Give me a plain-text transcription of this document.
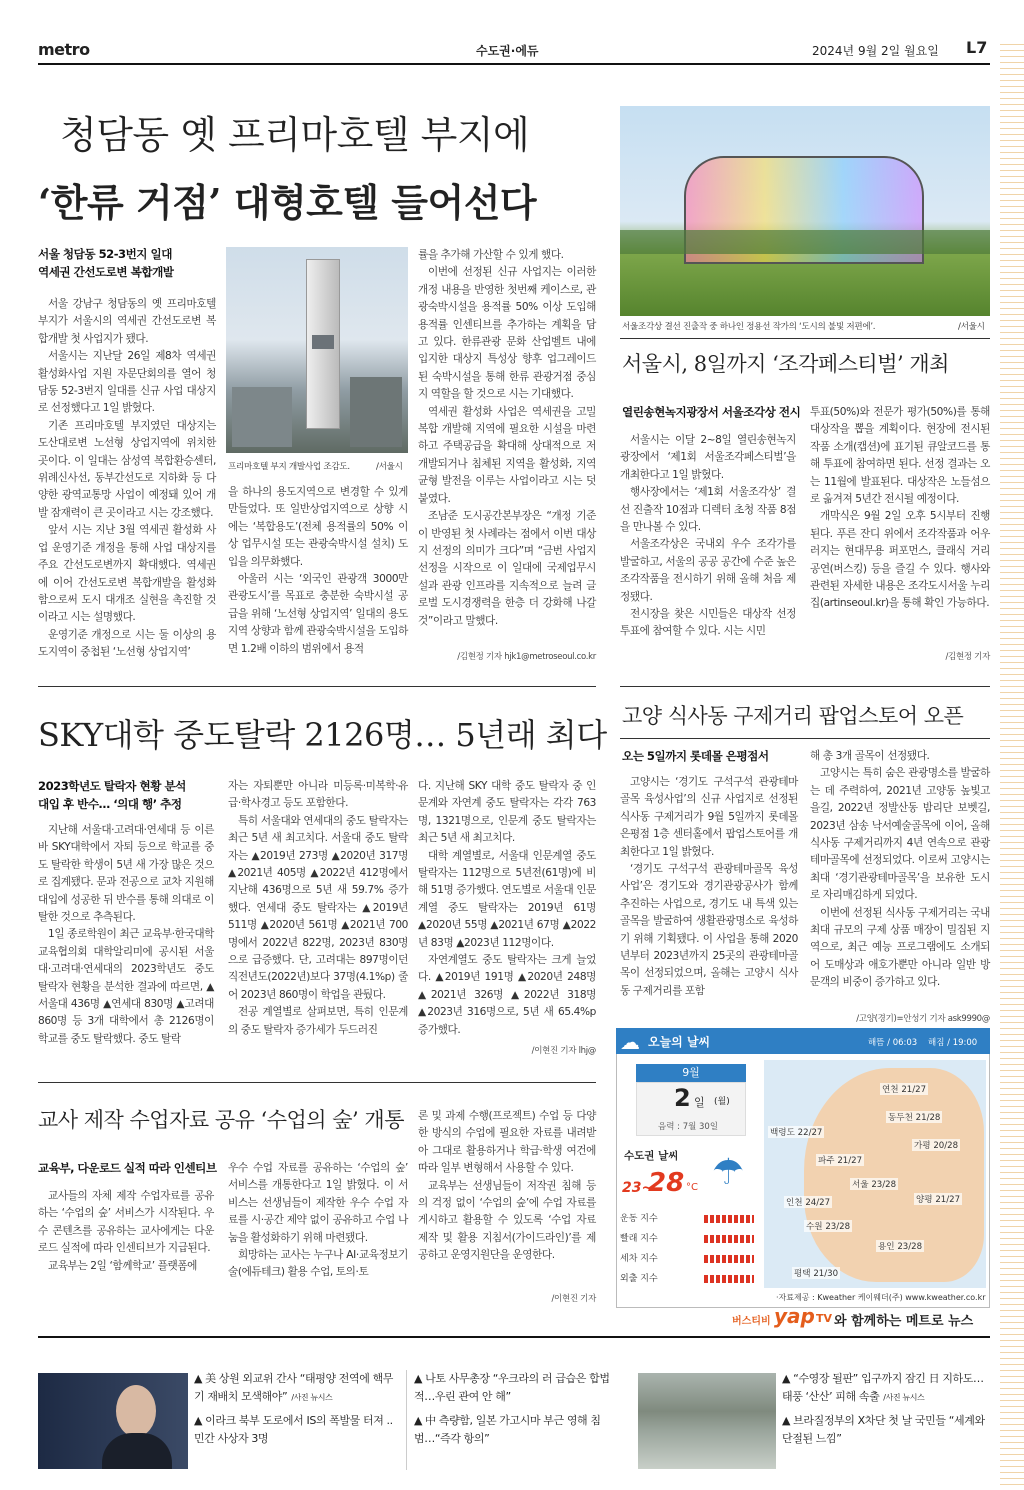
metro	수도권·에듀	2024년 9월 2일 월요일 L7
청담동 옛 프리마호텔 부지에
‘한류 거점’ 대형호텔 들어선다
서울 청담동 52-3번지 일대
역세권 간선도로변 복합개발

서울 강남구 청담동의 옛 프리마호텔 부지가 서울시의 역세권 간선도로변 복합개발 첫 사업지가 됐다.

서울시는 지난달 26일 제8차 역세권 활성화사업 지원 자문단회의를 열어 청담동 52-3번지 일대를 신규 사업 대상지로 선정했다고 1일 밝혔다.

기존 프리마호텔 부지였던 대상지는 도산대로변 노선형 상업지역에 위치한 곳이다. 이 일대는 삼성역 복합환승센터, 위례신사선, 동부간선도로 지하화 등 다양한 광역교통망 사업이 예정돼 있어 개발 잠재력이 큰 곳이라고 시는 강조했다.

앞서 시는 지난 3월 역세권 활성화 사업 운영기준 개정을 통해 사업 대상지를 주요 간선도로변까지 확대했다. 역세권에 이어 간선도로변 복합개발을 활성화함으로써 도시 대개조 실현을 촉진할 것이라고 시는 설명했다.

운영기준 개정으로 시는 둘 이상의 용도지역이 중첩된 ‘노선형 상업지역’

프리마호텔 부지 개발사업 조감도.	/서울시

을 하나의 용도지역으로 변경할 수 있게 만들었다. 또 일반상업지역으로 상향 시에는 ‘복합용도’(전체 용적률의 50% 이상 업무시설 또는 관광숙박시설 설치) 도입을 의무화했다.

아울러 시는 ‘외국인 관광객 3000만 관광도시’를 목표로 충분한 숙박시설 공급을 위해 ‘노선형 상업지역’ 일대의 용도지역 상향과 함께 관광숙박시설을 도입하면 1.2배 이하의 범위에서 용적

률을 추가해 가산할 수 있게 했다.

이번에 선정된 신규 사업지는 이러한 개정 내용을 반영한 첫번째 케이스로, 관광숙박시설을 용적률 50% 이상 도입해 용적률 인센티브를 추가하는 계획을 담고 있다. 한류관광 문화 산업벨트 내에 입지한 대상지 특성상 향후 업그레이드된 숙박시설을 통해 한류 관광거점 중심지 역할을 할 것으로 시는 기대했다.

역세권 활성화 사업은 역세권을 고밀 복합 개발해 지역에 필요한 시설을 마련하고 주택공급을 확대해 상대적으로 저개발되거나 침체된 지역을 활성화, 지역 균형 발전을 이루는 사업이라고 시는 덧붙였다.

조남준 도시공간본부장은 “개정 기준이 반영된 첫 사례라는 점에서 이번 대상지 선정의 의미가 크다”며 “금번 사업지 선정을 시작으로 이 일대에 국제업무시설과 관광 인프라를 지속적으로 늘려 글로벌 도시경쟁력을 한층 더 강화해 나갈 것”이라고 말했다.

/김현정 기자 hjk1@metroseoul.co.kr
서울조각상 결선 진출작 중 하나인 정용선 작가의 ‘도시의 불빛 저편에’.	/서울시
서울시, 8일까지 ‘조각페스티벌’ 개최
열린송현녹지광장서 서울조각상 전시

서울시는 이달 2~8일 열린송현녹지광장에서 ‘제1회 서울조각페스티벌’을 개최한다고 1일 밝혔다.

행사장에서는 ‘제1회 서울조각상’ 결선 진출작 10점과 디렉터 초청 작품 8점을 만나볼 수 있다.

서울조각상은 국내외 우수 조각가를 발굴하고, 서울의 공공 공간에 수준 높은 조각작품을 전시하기 위해 올해 처음 제정됐다.

전시장을 찾은 시민들은 대상작 선정 투표에 참여할 수 있다. 시는 시민

투표(50%)와 전문가 평가(50%)를 통해 대상작을 뽑을 계획이다. 현장에 전시된 작품 소개(캡션)에 표기된 큐알코드를 통해 투표에 참여하면 된다. 선정 결과는 오는 11월에 발표된다. 대상작은 노들섬으로 옮겨져 5년간 전시될 예정이다.

개막식은 9월 2일 오후 5시부터 진행된다. 푸른 잔디 위에서 조각작품과 어우러지는 현대무용 퍼포먼스, 클래식 거리공연(버스킹) 등을 즐길 수 있다. 행사와 관련된 자세한 내용은 조각도시서울 누리집(artinseoul.kr)을 통해 확인 가능하다.

/김현정 기자
SKY대학 중도탈락 2126명… 5년래 최다
2023학년도 탈락자 현황 분석
대입 후 반수… ‘의대 행’ 추정

지난해 서울대·고려대·연세대 등 이른바 SKY대학에서 자퇴 등으로 학교를 중도 탈락한 학생이 5년 새 가장 많은 것으로 집계됐다. 문과 전공으로 교차 지원해 대입에 성공한 뒤 반수를 통해 의대로 이탈한 것으로 추측된다.

1일 종로학원이 최근 교육부·한국대학교육협의회 대학알리미에 공시된 서울대·고려대·연세대의 2023학년도 중도 탈락자 현황을 분석한 결과에 따르면, ▲서울대 436명 ▲연세대 830명 ▲고려대 860명 등 3개 대학에서 총 2126명이 학교를 중도 탈락했다. 중도 탈락

자는 자퇴뿐만 아니라 미등록·미복학·유급·학사경고 등도 포함한다.

특히 서울대와 연세대의 중도 탈락자는 최근 5년 새 최고치다. 서울대 중도 탈락자는 ▲2019년 273명 ▲2020년 317명 ▲2021년 405명 ▲2022년 412명에서 지난해 436명으로 5년 새 59.7% 증가했다. 연세대 중도 탈락자는 ▲2019년 511명 ▲2020년 561명 ▲2021년 700명에서 2022년 822명, 2023년 830명으로 급증했다. 단, 고려대는 897명이던 직전년도(2022년)보다 37명(4.1%p) 줄어 2023년 860명이 학업을 관뒀다.

전공 계열별로 살펴보면, 특히 인문계의 중도 탈락자 증가세가 두드러진

다. 지난해 SKY 대학 중도 탈락자 중 인문계와 자연계 중도 탈락자는 각각 763명, 1321명으로, 인문계 중도 탈락자는 최근 5년 새 최고치다.

대학 계열별로, 서울대 인문계열 중도 탈락자는 112명으로 5년전(61명)에 비해 51명 증가했다. 연도별로 서울대 인문계열 중도 탈락자는 2019년 61명 ▲2020년 55명 ▲2021년 67명 ▲2022년 83명 ▲2023년 112명이다.

자연계열도 중도 탈락자는 크게 늘었다. ▲2019년 191명 ▲2020년 248명 ▲2021년 326명 ▲2022년 318명 ▲2023년 316명으로, 5년 새 65.4%p 증가했다.

/이현진 기자 lhj@
고양 식사동 구제거리 팝업스토어 오픈
오는 5일까지 롯데몰 은평점서

고양시는 ‘경기도 구석구석 관광테마골목 육성사업’의 신규 사업지로 선정된 식사동 구제거리가 9월 5일까지 롯데몰 은평점 1층 센터홀에서 팝업스토어를 개최한다고 1일 밝혔다.

‘경기도 구석구석 관광테마골목 육성사업’은 경기도와 경기관광공사가 함께 추진하는 사업으로, 경기도 내 특색 있는 골목을 발굴하여 생활관광명소로 육성하기 위해 기획됐다. 이 사업을 통해 2020년부터 2023년까지 25곳의 관광테마골목이 선정되었으며, 올해는 고양시 식사동 구제거리를 포함

해 총 3개 골목이 선정됐다.

고양시는 특히 숨은 관광명소를 발굴하는 데 주력하여, 2021년 고양동 높빛고을길, 2022년 정발산동 밤리단 보벳길, 2023년 삼송 낙서예술골목에 이어, 올해 식사동 구제거리까지 4년 연속으로 관광테마골목에 선정되었다. 이로써 고양시는 최대 ‘경기관광테마골목’을 보유한 도시로 자리매김하게 되었다.

이번에 선정된 식사동 구제거리는 국내 최대 규모의 구제 상품 매장이 밀집된 지역으로, 최근 예능 프로그램에도 소개되어 도매상과 애호가뿐만 아니라 일반 방문객의 비중이 증가하고 있다.

/고양(경기)=안성기 기자 ask9990@
교사 제작 수업자료 공유 ‘수업의 숲’ 개통
교육부, 다운로드 실적 따라 인센티브

교사들의 자체 제작 수업자료를 공유하는 ‘수업의 숲’ 서비스가 시작된다. 우수 콘텐츠를 공유하는 교사에게는 다운로드 실적에 따라 인센티브가 지급된다.

교육부는 2일 ‘함께학교’ 플랫폼에

우수 수업 자료를 공유하는 ‘수업의 숲’ 서비스를 개통한다고 1일 밝혔다. 이 서비스는 선생님들이 제작한 우수 수업 자료를 시·공간 제약 없이 공유하고 수업 나눔을 활성화하기 위해 마련됐다.

희망하는 교사는 누구나 AI·교육정보기술(에듀테크) 활용 수업, 토의·토

론 및 과제 수행(프로젝트) 수업 등 다양한 방식의 수업에 필요한 자료를 내려받아 그대로 활용하거나 학급·학생 여건에 따라 일부 변형해서 사용할 수 있다.

교육부는 선생님들이 저작권 침해 등의 걱정 없이 ‘수업의 숲’에 수업 자료를 게시하고 활용할 수 있도록 ‘수업 자료 제작 및 활용 지침서(가이드라인)’를 제공하고 운영지원단을 운영한다.

/이현진 기자
☁ 오늘의 날씨	해뜸 / 06:03 해짐 / 19:00
9월
2 일 (월)
음력 : 7월 30일
수도권 날씨
23~
28 °C ☂
운동 지수
빨래 지수
세차 지수
외출 지수
연천 21/27
동두천 21/28
백령도 22/27
파주 21/27
가평 20/28
서울 23/28
인천 24/27	양평 21/27
수원 23/28
용인 23/28
평택 21/30
·자료제공 : Kweather 케이웨더(주) www.kweather.co.kr
버스티비 yap TV 와 함께하는 메트로 뉴스
▲ 美 상원 외교위 간사 “태평양 전역에 핵무기 재배치 모색해야” /사진 뉴시스
▲ 이라크 북부 도로에서 IS의 폭발물 터져 ..민간 사상자 3명
▲ 나토 사무총장 “우크라의 러 급습은 합법적…우린 관여 안 해”
▲ 中 측량함, 일본 가고시마 부근 영해 침범…“즉각 항의”
▲ “수영장 될판” 입구까지 잠긴 日 지하도…태풍 ‘산산’ 피해 속출 /사진 뉴시스
▲ 브라질정부의 X차단 첫 날 국민들 “세계와 단절된 느낌”
